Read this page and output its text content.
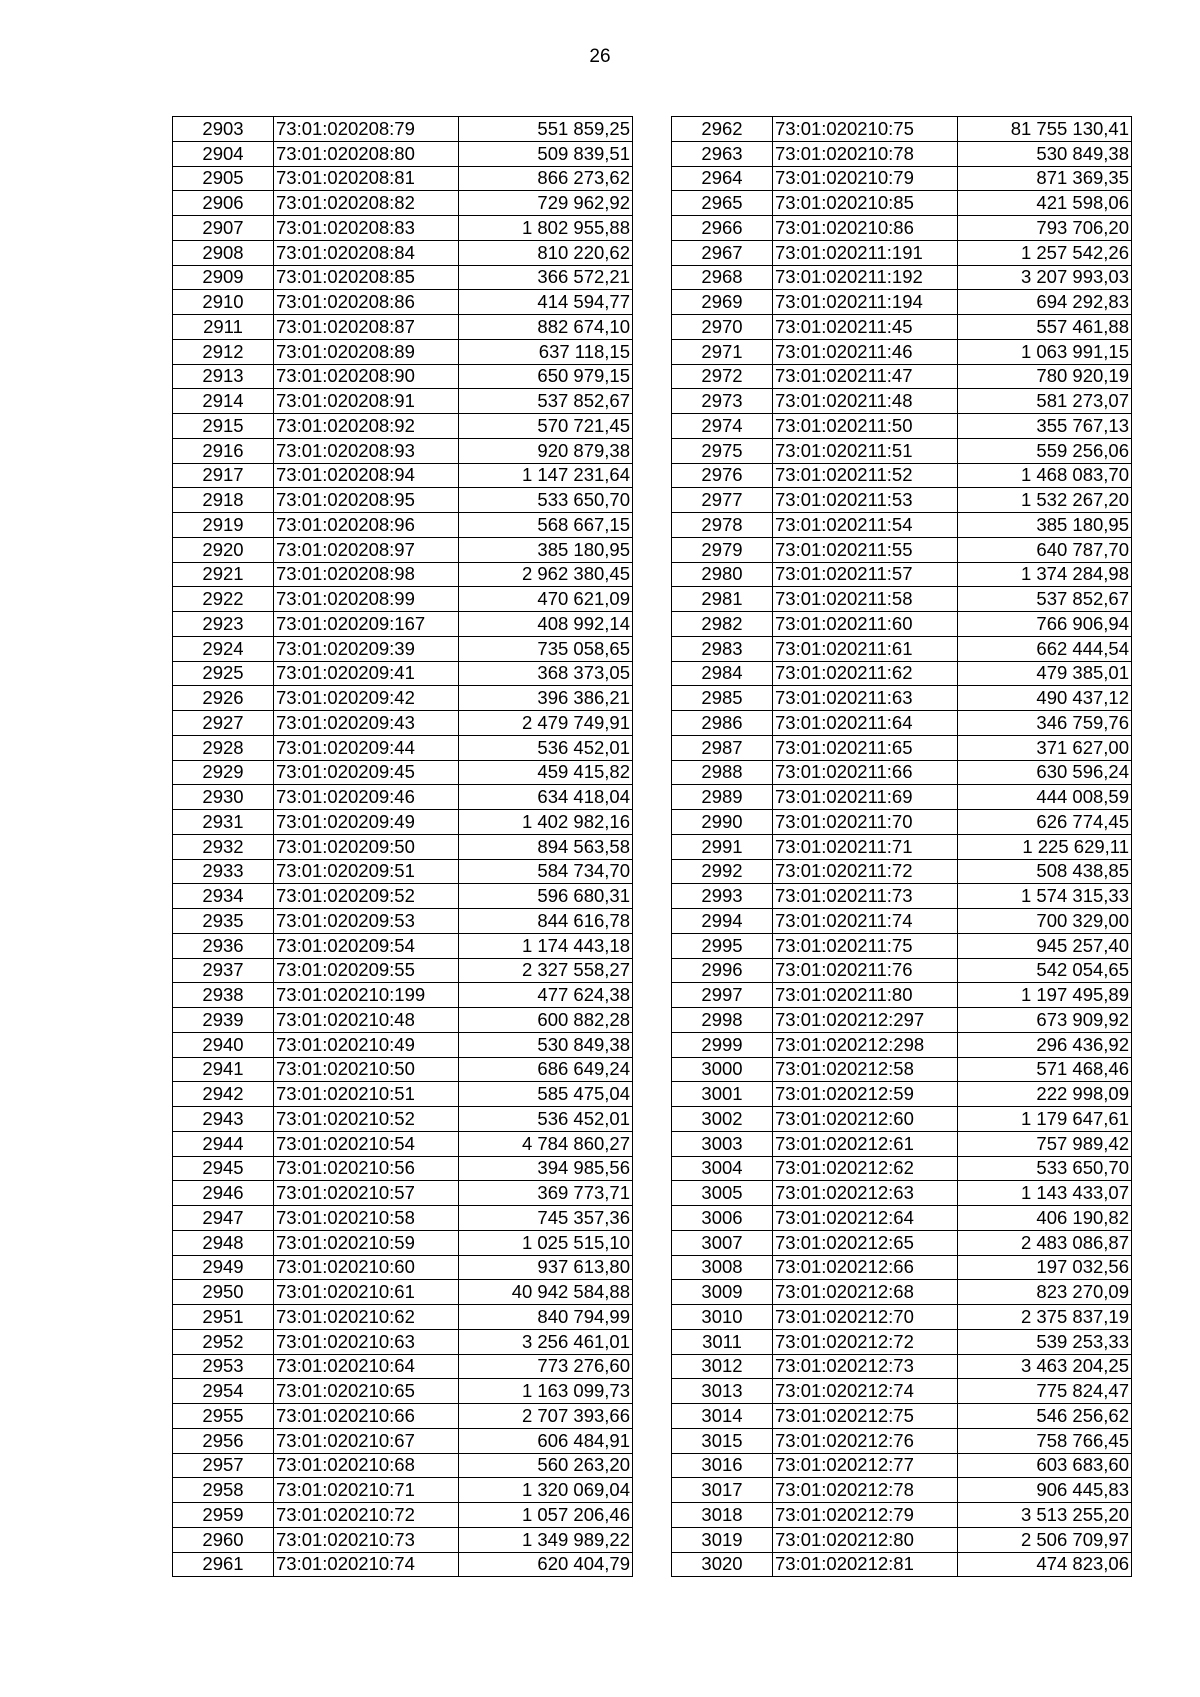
26
2903	73:01:020208:79	551 859,25
2904	73:01:020208:80	509 839,51
2905	73:01:020208:81	866 273,62
2906	73:01:020208:82	729 962,92
2907	73:01:020208:83	1 802 955,88
2908	73:01:020208:84	810 220,62
2909	73:01:020208:85	366 572,21
2910	73:01:020208:86	414 594,77
2911	73:01:020208:87	882 674,10
2912	73:01:020208:89	637 118,15
2913	73:01:020208:90	650 979,15
2914	73:01:020208:91	537 852,67
2915	73:01:020208:92	570 721,45
2916	73:01:020208:93	920 879,38
2917	73:01:020208:94	1 147 231,64
2918	73:01:020208:95	533 650,70
2919	73:01:020208:96	568 667,15
2920	73:01:020208:97	385 180,95
2921	73:01:020208:98	2 962 380,45
2922	73:01:020208:99	470 621,09
2923	73:01:020209:167	408 992,14
2924	73:01:020209:39	735 058,65
2925	73:01:020209:41	368 373,05
2926	73:01:020209:42	396 386,21
2927	73:01:020209:43	2 479 749,91
2928	73:01:020209:44	536 452,01
2929	73:01:020209:45	459 415,82
2930	73:01:020209:46	634 418,04
2931	73:01:020209:49	1 402 982,16
2932	73:01:020209:50	894 563,58
2933	73:01:020209:51	584 734,70
2934	73:01:020209:52	596 680,31
2935	73:01:020209:53	844 616,78
2936	73:01:020209:54	1 174 443,18
2937	73:01:020209:55	2 327 558,27
2938	73:01:020210:199	477 624,38
2939	73:01:020210:48	600 882,28
2940	73:01:020210:49	530 849,38
2941	73:01:020210:50	686 649,24
2942	73:01:020210:51	585 475,04
2943	73:01:020210:52	536 452,01
2944	73:01:020210:54	4 784 860,27
2945	73:01:020210:56	394 985,56
2946	73:01:020210:57	369 773,71
2947	73:01:020210:58	745 357,36
2948	73:01:020210:59	1 025 515,10
2949	73:01:020210:60	937 613,80
2950	73:01:020210:61	40 942 584,88
2951	73:01:020210:62	840 794,99
2952	73:01:020210:63	3 256 461,01
2953	73:01:020210:64	773 276,60
2954	73:01:020210:65	1 163 099,73
2955	73:01:020210:66	2 707 393,66
2956	73:01:020210:67	606 484,91
2957	73:01:020210:68	560 263,20
2958	73:01:020210:71	1 320 069,04
2959	73:01:020210:72	1 057 206,46
2960	73:01:020210:73	1 349 989,22
2961	73:01:020210:74	620 404,79
2962	73:01:020210:75	81 755 130,41
2963	73:01:020210:78	530 849,38
2964	73:01:020210:79	871 369,35
2965	73:01:020210:85	421 598,06
2966	73:01:020210:86	793 706,20
2967	73:01:020211:191	1 257 542,26
2968	73:01:020211:192	3 207 993,03
2969	73:01:020211:194	694 292,83
2970	73:01:020211:45	557 461,88
2971	73:01:020211:46	1 063 991,15
2972	73:01:020211:47	780 920,19
2973	73:01:020211:48	581 273,07
2974	73:01:020211:50	355 767,13
2975	73:01:020211:51	559 256,06
2976	73:01:020211:52	1 468 083,70
2977	73:01:020211:53	1 532 267,20
2978	73:01:020211:54	385 180,95
2979	73:01:020211:55	640 787,70
2980	73:01:020211:57	1 374 284,98
2981	73:01:020211:58	537 852,67
2982	73:01:020211:60	766 906,94
2983	73:01:020211:61	662 444,54
2984	73:01:020211:62	479 385,01
2985	73:01:020211:63	490 437,12
2986	73:01:020211:64	346 759,76
2987	73:01:020211:65	371 627,00
2988	73:01:020211:66	630 596,24
2989	73:01:020211:69	444 008,59
2990	73:01:020211:70	626 774,45
2991	73:01:020211:71	1 225 629,11
2992	73:01:020211:72	508 438,85
2993	73:01:020211:73	1 574 315,33
2994	73:01:020211:74	700 329,00
2995	73:01:020211:75	945 257,40
2996	73:01:020211:76	542 054,65
2997	73:01:020211:80	1 197 495,89
2998	73:01:020212:297	673 909,92
2999	73:01:020212:298	296 436,92
3000	73:01:020212:58	571 468,46
3001	73:01:020212:59	222 998,09
3002	73:01:020212:60	1 179 647,61
3003	73:01:020212:61	757 989,42
3004	73:01:020212:62	533 650,70
3005	73:01:020212:63	1 143 433,07
3006	73:01:020212:64	406 190,82
3007	73:01:020212:65	2 483 086,87
3008	73:01:020212:66	197 032,56
3009	73:01:020212:68	823 270,09
3010	73:01:020212:70	2 375 837,19
3011	73:01:020212:72	539 253,33
3012	73:01:020212:73	3 463 204,25
3013	73:01:020212:74	775 824,47
3014	73:01:020212:75	546 256,62
3015	73:01:020212:76	758 766,45
3016	73:01:020212:77	603 683,60
3017	73:01:020212:78	906 445,83
3018	73:01:020212:79	3 513 255,20
3019	73:01:020212:80	2 506 709,97
3020	73:01:020212:81	474 823,06
